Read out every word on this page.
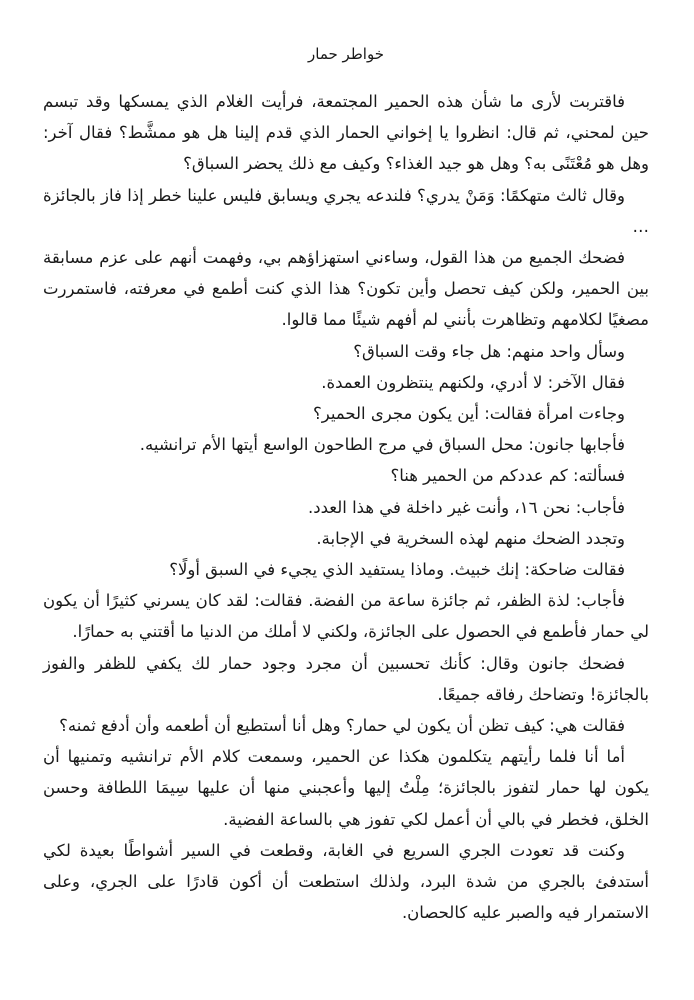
خواطر حمار

فاقتربت لأرى ما شأن هذه الحمير المجتمعة، فرأيت الغلام الذي يمسكها وقد تبسم حين لمحني، ثم قال: انظروا يا إخواني الحمار الذي قدم إلينا هل هو ممشَّط؟ فقال آخر: وهل هو مُعْتَنًى به؟ وهل هو جيد الغذاء؟ وكيف مع ذلك يحضر السباق؟

وقال ثالث متهكمًا: وَمَنْ يدري؟ فلندعه يجري ويسابق فليس علينا خطر إذا فاز بالجائزة …

فضحك الجميع من هذا القول، وساءني استهزاؤهم بي، وفهمت أنهم على عزم مسابقة بين الحمير، ولكن كيف تحصل وأين تكون؟ هذا الذي كنت أطمع في معرفته، فاستمررت مصغيًا لكلامهم وتظاهرت بأنني لم أفهم شيئًا مما قالوا.

وسأل واحد منهم: هل جاء وقت السباق؟

فقال الآخر: لا أدري، ولكنهم ينتظرون العمدة.

وجاءت امرأة فقالت: أين يكون مجرى الحمير؟

فأجابها جانون: محل السباق في مرج الطاحون الواسع أيتها الأم ترانشيه.

فسألته: كم عددكم من الحمير هنا؟

فأجاب: نحن ١٦، وأنت غير داخلة في هذا العدد.

وتجدد الضحك منهم لهذه السخرية في الإجابة.

فقالت ضاحكة: إنك خبيث. وماذا يستفيد الذي يجيء في السبق أولًا؟

فأجاب: لذة الظفر، ثم جائزة ساعة من الفضة. فقالت: لقد كان يسرني كثيرًا أن يكون لي حمار فأطمع في الحصول على الجائزة، ولكني لا أملك من الدنيا ما أقتني به حمارًا.

فضحك جانون وقال: كأنك تحسبين أن مجرد وجود حمار لك يكفي للظفر والفوز بالجائزة! وتضاحك رفاقه جميعًا.

فقالت هي: كيف تظن أن يكون لي حمار؟ وهل أنا أستطيع أن أطعمه وأن أدفع ثمنه؟

أما أنا فلما رأيتهم يتكلمون هكذا عن الحمير، وسمعت كلام الأم ترانشيه وتمنيها أن يكون لها حمار لتفوز بالجائزة؛ مِلْتُ إليها وأعجبني منها أن عليها سِيمَا اللطافة وحسن الخلق، فخطر في بالي أن أعمل لكي تفوز هي بالساعة الفضية.

وكنت قد تعودت الجري السريع في الغابة، وقطعت في السير أشواطًا بعيدة لكي أستدفئ بالجري من شدة البرد، ولذلك استطعت أن أكون قادرًا على الجري، وعلى الاستمرار فيه والصبر عليه كالحصان.
